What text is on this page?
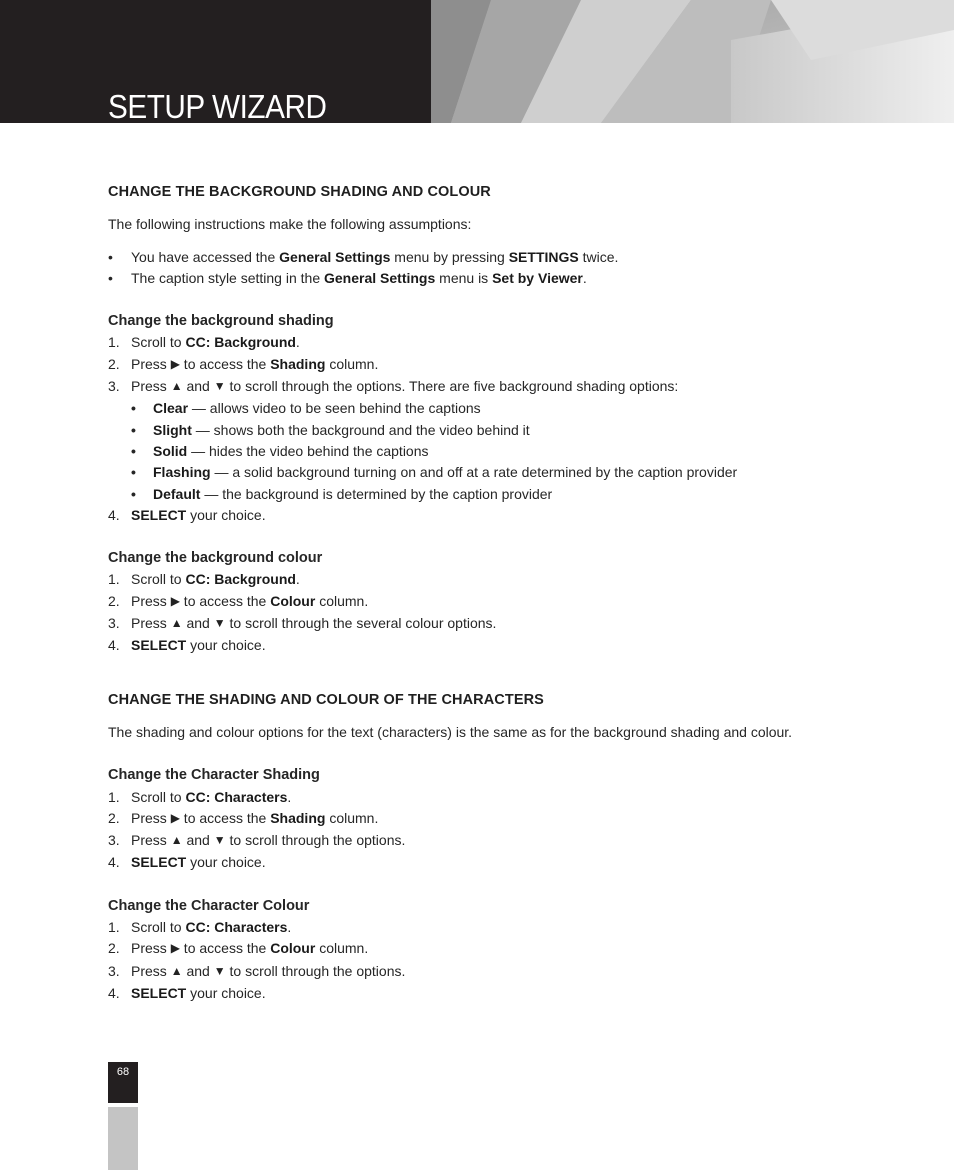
SETUP WIZARD
CHANGE THE BACKGROUND SHADING AND COLOUR

The following instructions make the following assumptions:

• You have accessed the General Settings menu by pressing SETTINGS twice.
• The caption style setting in the General Settings menu is Set by Viewer.

Change the background shading

1. Scroll to CC: Background.
2. Press ▶ to access the Shading column.
3. Press ▲ and ▼ to scroll through the options. There are five background shading options:
• Clear — allows video to be seen behind the captions
• Slight — shows both the background and the video behind it
• Solid — hides the video behind the captions
• Flashing — a solid background turning on and off at a rate determined by the caption provider
• Default — the background is determined by the caption provider
4. SELECT your choice.

Change the background colour

1. Scroll to CC: Background.
2. Press ▶ to access the Colour column.
3. Press ▲ and ▼ to scroll through the several colour options.
4. SELECT your choice.
CHANGE THE SHADING AND COLOUR OF THE CHARACTERS

The shading and colour options for the text (characters) is the same as for the background shading and colour.

Change the Character Shading

1. Scroll to CC: Characters.
2. Press ▶ to access the Shading column.
3. Press ▲ and ▼ to scroll through the options.
4. SELECT your choice.

Change the Character Colour

1. Scroll to CC: Characters.
2. Press ▶ to access the Colour column.
3. Press ▲ and ▼ to scroll through the options.
4. SELECT your choice.
68
